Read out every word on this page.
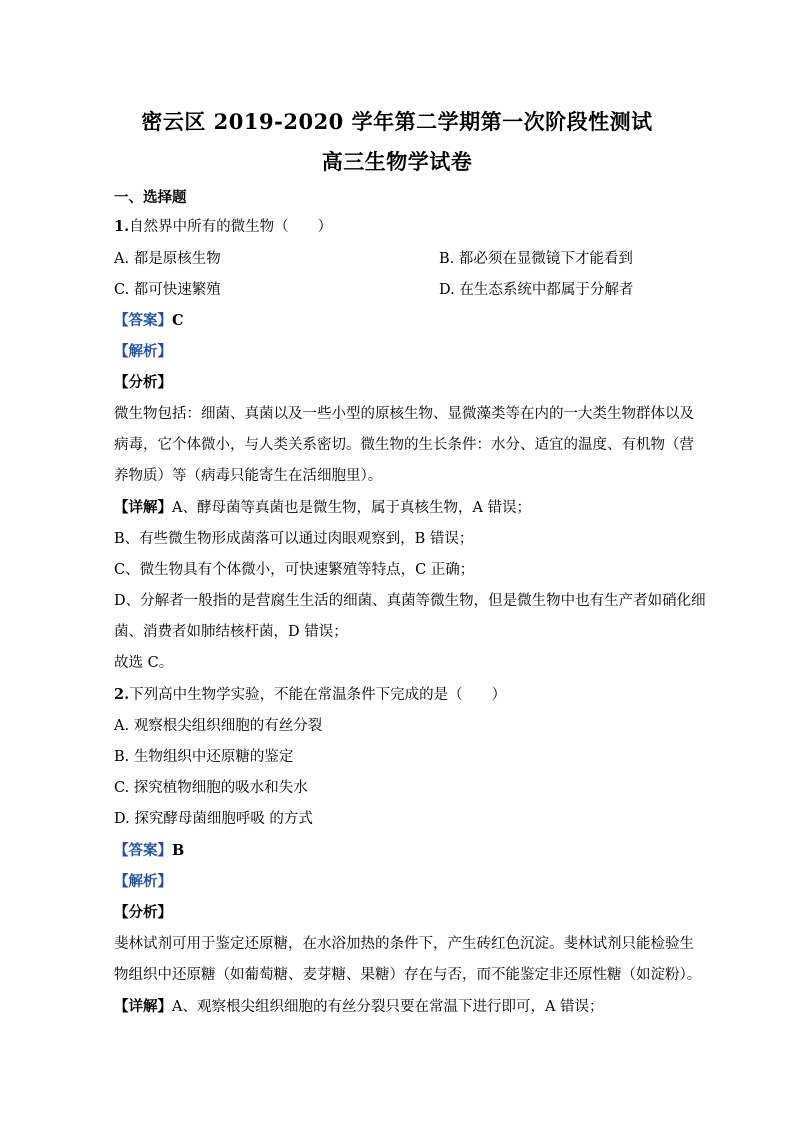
密云区 2019-2020 学年第二学期第一次阶段性测试
高三生物学试卷
一、选择题
1.自然界中所有的微生物（　　）
A. 都是原核生物	B. 都必须在显微镜下才能看到
C. 都可快速繁殖	D. 在生态系统中都属于分解者
【答案】C
【解析】
【分析】
微生物包括：细菌、真菌以及一些小型的原核生物、显微藻类等在内的一大类生物群体以及
病毒，它个体微小，与人类关系密切。微生物的生长条件：水分、适宜的温度、有机物（营
养物质）等（病毒只能寄生在活细胞里）。
【详解】A、酵母菌等真菌也是微生物，属于真核生物，A 错误；
B、有些微生物形成菌落可以通过肉眼观察到，B 错误；
C、微生物具有个体微小，可快速繁殖等特点，C 正确；
D、分解者一般指的是营腐生生活的细菌、真菌等微生物，但是微生物中也有生产者如硝化细
菌、消费者如肺结核杆菌，D 错误；
故选 C。
2.下列高中生物学实验，不能在常温条件下完成的是（　　）
A. 观察根尖组织细胞的有丝分裂
B. 生物组织中还原糖的鉴定
C. 探究植物细胞的吸水和失水
D. 探究酵母菌细胞呼吸 的方式
【答案】B
【解析】
【分析】
斐林试剂可用于鉴定还原糖，在水浴加热的条件下，产生砖红色沉淀。斐林试剂只能检验生
物组织中还原糖（如葡萄糖、麦芽糖、果糖）存在与否，而不能鉴定非还原性糖（如淀粉）。
【详解】A、观察根尖组织细胞的有丝分裂只要在常温下进行即可，A 错误；
